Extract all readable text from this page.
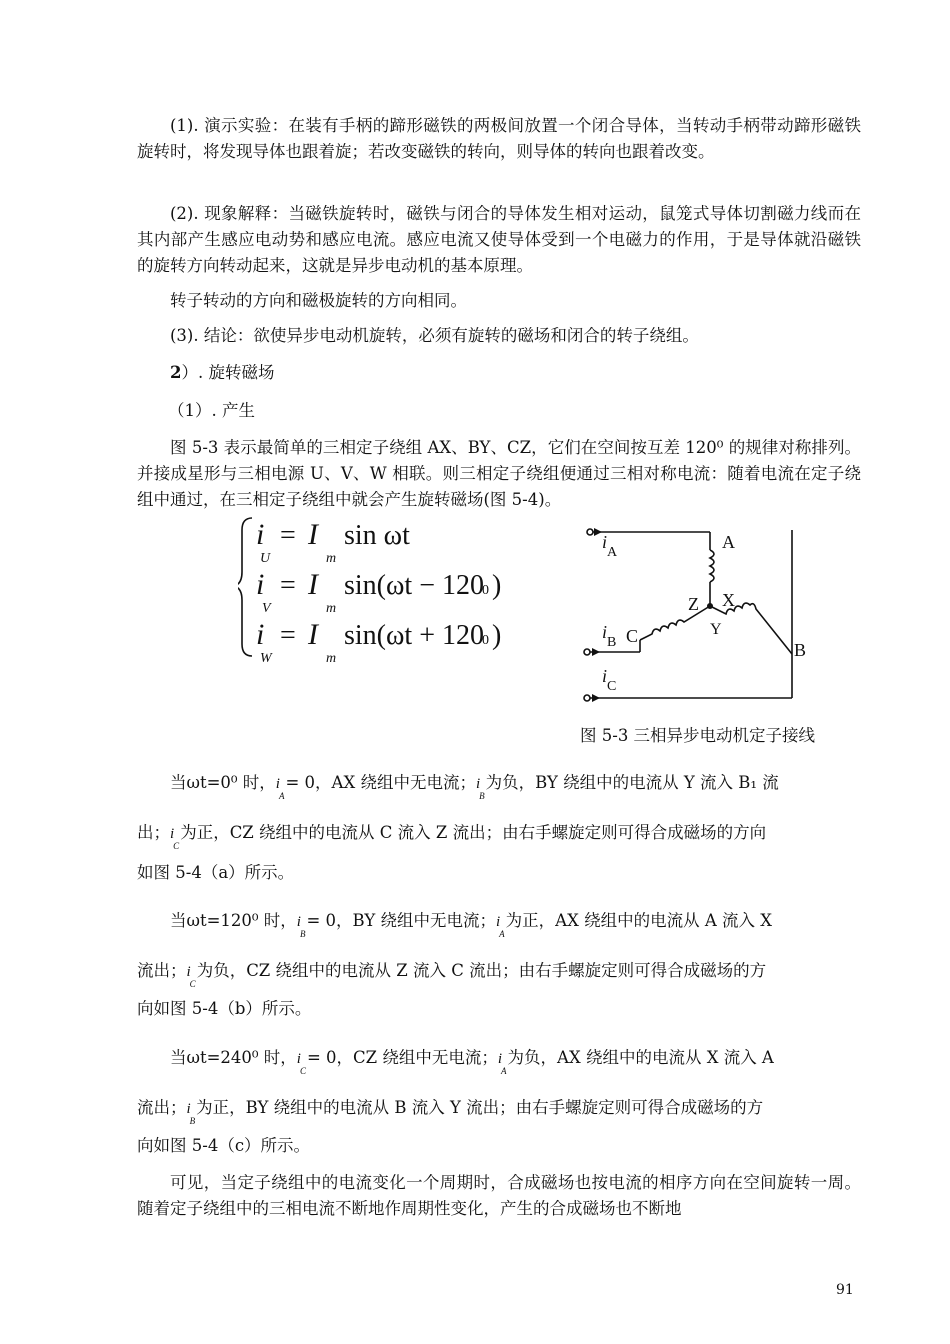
(1). 演示实验：在装有手柄的蹄形磁铁的两极间放置一个闭合导体，当转动手柄带动蹄形磁铁旋转时，将发现导体也跟着旋；若改变磁铁的转向，则导体的转向也跟着改变。

(2). 现象解释：当磁铁旋转时，磁铁与闭合的导体发生相对运动，鼠笼式导体切割磁力线而在其内部产生感应电动势和感应电流。感应电流又使导体受到一个电磁力的作用，于是导体就沿磁铁的旋转方向转动起来，这就是异步电动机的基本原理。

转子转动的方向和磁极旋转的方向相同。

(3). 结论：欲使异步电动机旋转，必须有旋转的磁场和闭合的转子绕组。

2）. 旋转磁场

（1）. 产生

图 5-3 表示最简单的三相定子绕组 AX、BY、CZ，它们在空间按互差 120⁰ 的规律对称排列。并接成星形与三相电源 U、V、W 相联。则三相定子绕组便通过三相对称电流：随着电流在定子绕组中通过，在三相定子绕组中就会产生旋转磁场(图 5-4)。

i
U
= I
m
sin ωt
i
V
= I
m
sin(ωt − 120
0 )
i
W
= I
m
sin(ωt + 120
0 )
i
A
A
X
Z
Y
i
B C
B
i
C
图 5-3 三相异步电动机定子接线

当ωt=0⁰ 时，$i_A= 0$，AX 绕组中无电流；$i_B$为负，BY 绕组中的电流从 Y 流入 B₁ 流

出；$i_C$为正，CZ 绕组中的电流从 C 流入 Z 流出；由右手螺旋定则可得合成磁场的方向

如图 5-4（a）所示。

当ωt=120⁰ 时，$i_B= 0$，BY 绕组中无电流；$i_A$为正，AX 绕组中的电流从 A 流入 X

流出；$i_C$为负，CZ 绕组中的电流从 Z 流入 C 流出；由右手螺旋定则可得合成磁场的方

向如图 5-4（b）所示。

当ωt=240⁰ 时，$i_C= 0$，CZ 绕组中无电流；$i_A$为负，AX 绕组中的电流从 X 流入 A

流出；$i_B$为正，BY 绕组中的电流从 B 流入 Y 流出；由右手螺旋定则可得合成磁场的方

向如图 5-4（c）所示。

可见，当定子绕组中的电流变化一个周期时，合成磁场也按电流的相序方向在空间旋转一周。随着定子绕组中的三相电流不断地作周期性变化，产生的合成磁场也不断地

91
